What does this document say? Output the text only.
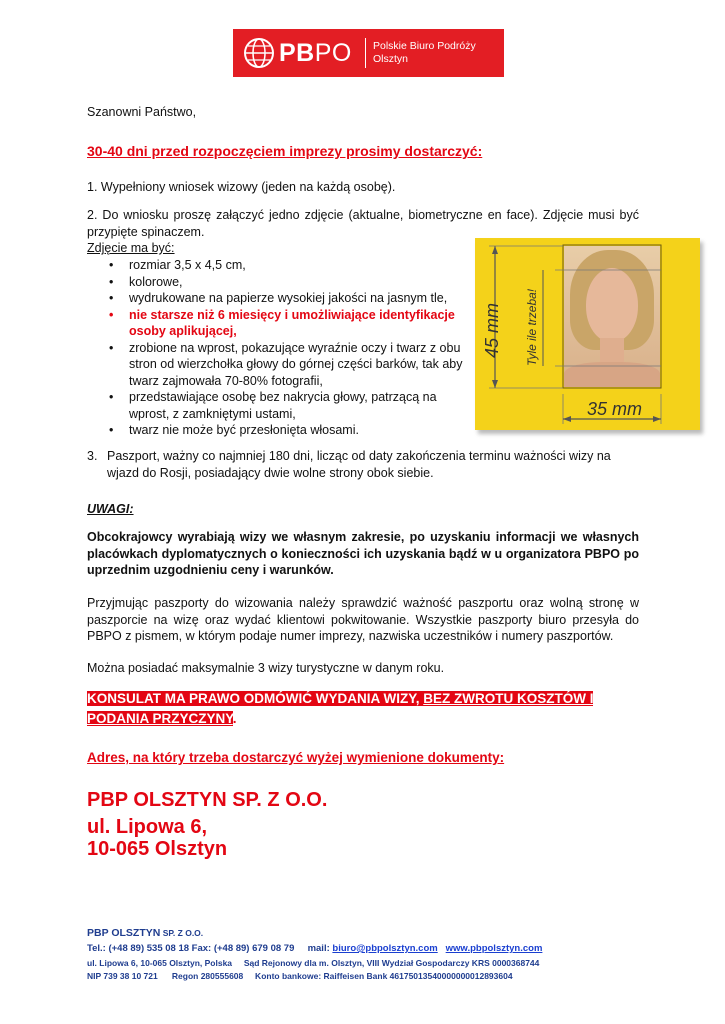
PBPO Polskie Biuro Podróży
Olsztyn
Szanowni Państwo,
30-40 dni przed rozpoczęciem imprezy prosimy dostarczyć:
1. Wypełniony wniosek wizowy (jeden na każdą osobę).
2. Do wniosku proszę załączyć jedno zdjęcie (aktualne, biometryczne en face). Zdjęcie musi być przypięte spinaczem.
Zdjęcie ma być:
• rozmiar 3,5 x 4,5 cm,
• kolorowe,
• wydrukowane na papierze wysokiej jakości na jasnym tle,
• nie starsze niż 6 miesięcy i umożliwiające identyfikacje osoby aplikującej,
• zrobione na wprost, pokazujące wyraźnie oczy i twarz z obu stron od wierzchołka głowy do górnej części barków, tak aby twarz zajmowała 70-80% fotografii,
• przedstawiające osobę bez nakrycia głowy, patrzącą na wprost, z zamkniętymi ustami,
• twarz nie może być przesłonięta włosami.
45 mm Tyle ile trzeba!
35 mm
3. Paszport, ważny co najmniej 180 dni, licząc od daty zakończenia terminu ważności wizy na wjazd do Rosji, posiadający dwie wolne strony obok siebie.
UWAGI:
Obcokrajowcy wyrabiają wizy we własnym zakresie, po uzyskaniu informacji we własnych placówkach dyplomatycznych o konieczności ich uzyskania bądź w u organizatora PBPO po uprzednim uzgodnieniu ceny i warunków.
Przyjmując paszporty do wizowania należy sprawdzić ważność paszportu oraz wolną stronę w paszporcie na wizę oraz wydać klientowi pokwitowanie. Wszystkie paszporty biuro przesyła do PBPO z pismem, w którym podaje numer imprezy, nazwiska uczestników i numery paszportów.
Można posiadać maksymalnie 3 wizy turystyczne w danym roku.
KONSULAT MA PRAWO ODMÓWIĆ WYDANIA WIZY, BEZ ZWROTU KOSZTÓW I PODANIA PRZYCZYNY.
Adres, na który trzeba dostarczyć wyżej wymienione dokumenty:
PBP OLSZTYN SP. Z O.O.
ul. Lipowa 6,
10-065 Olsztyn
PBP OLSZTYN SP. Z O.O.
Tel.: (+48 89) 535 08 18 Fax: (+48 89) 679 08 79     mail: biuro@pbpolsztyn.com www.pbpolsztyn.com
ul. Lipowa 6, 10-065 Olsztyn, Polska     Sąd Rejonowy dla m. Olsztyn, VIII Wydział Gospodarczy KRS 0000368744
NIP 739 38 10 721      Regon 280555608     Konto bankowe: Raiffeisen Bank 46175013540000000012893604
